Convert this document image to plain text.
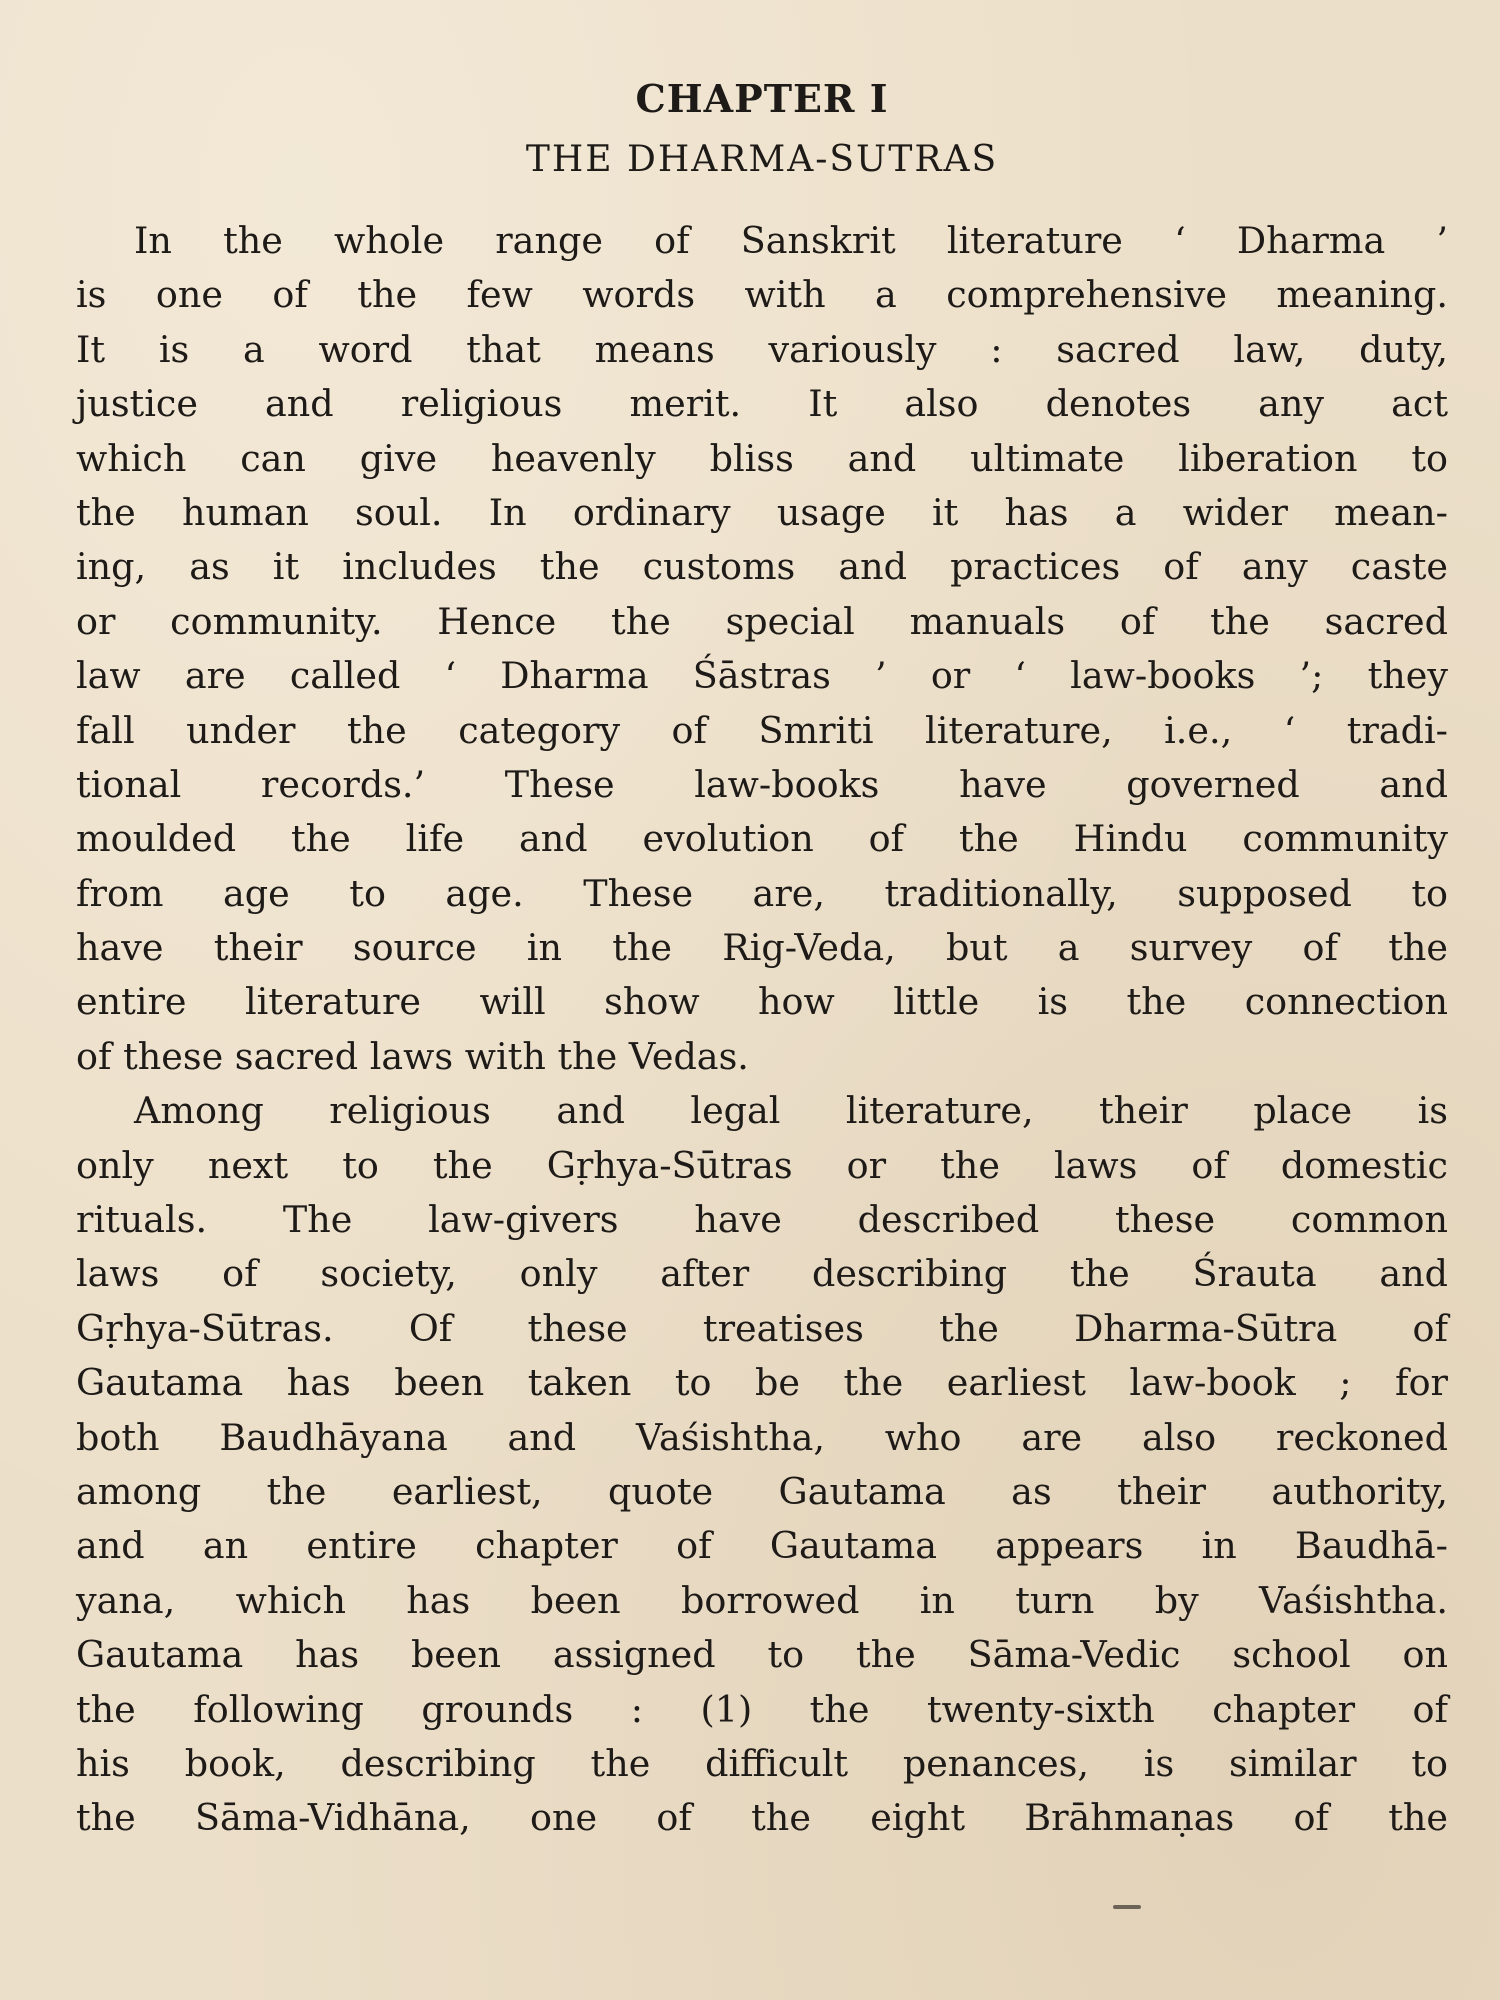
CHAPTER I
THE DHARMA-SUTRAS
In the whole range of Sanskrit literature ‘ Dharma ’
is one of the few words with a comprehensive meaning.
It is a word that means variously : sacred law, duty,
justice and religious merit. It also denotes any act
which can give heavenly bliss and ultimate liberation to
the human soul. In ordinary usage it has a wider mean-
ing, as it includes the customs and practices of any caste
or community. Hence the special manuals of the sacred
law are called ‘ Dharma Śāstras ’ or ‘ law-books ’; they
fall under the category of Smriti literature, i.e., ‘ tradi-
tional records.’ These law-books have governed and
moulded the life and evolution of the Hindu community
from age to age. These are, traditionally, supposed to
have their source in the Rig-Veda, but a survey of the
entire literature will show how little is the connection
of these sacred laws with the Vedas.
Among religious and legal literature, their place is
only next to the Gṛhya-Sūtras or the laws of domestic
rituals. The law-givers have described these common
laws of society, only after describing the Śrauta and
Gṛhya-Sūtras. Of these treatises the Dharma-Sūtra of
Gautama has been taken to be the earliest law-book ; for
both Baudhāyana and Vaśishtha, who are also reckoned
among the earliest, quote Gautama as their authority,
and an entire chapter of Gautama appears in Baudhā-
yana, which has been borrowed in turn by Vaśishtha.
Gautama has been assigned to the Sāma-Vedic school on
the following grounds : (1) the twenty-sixth chapter of
his book, describing the difficult penances, is similar to
the Sāma-Vidhāna, one of the eight Brāhmaṇas of the
